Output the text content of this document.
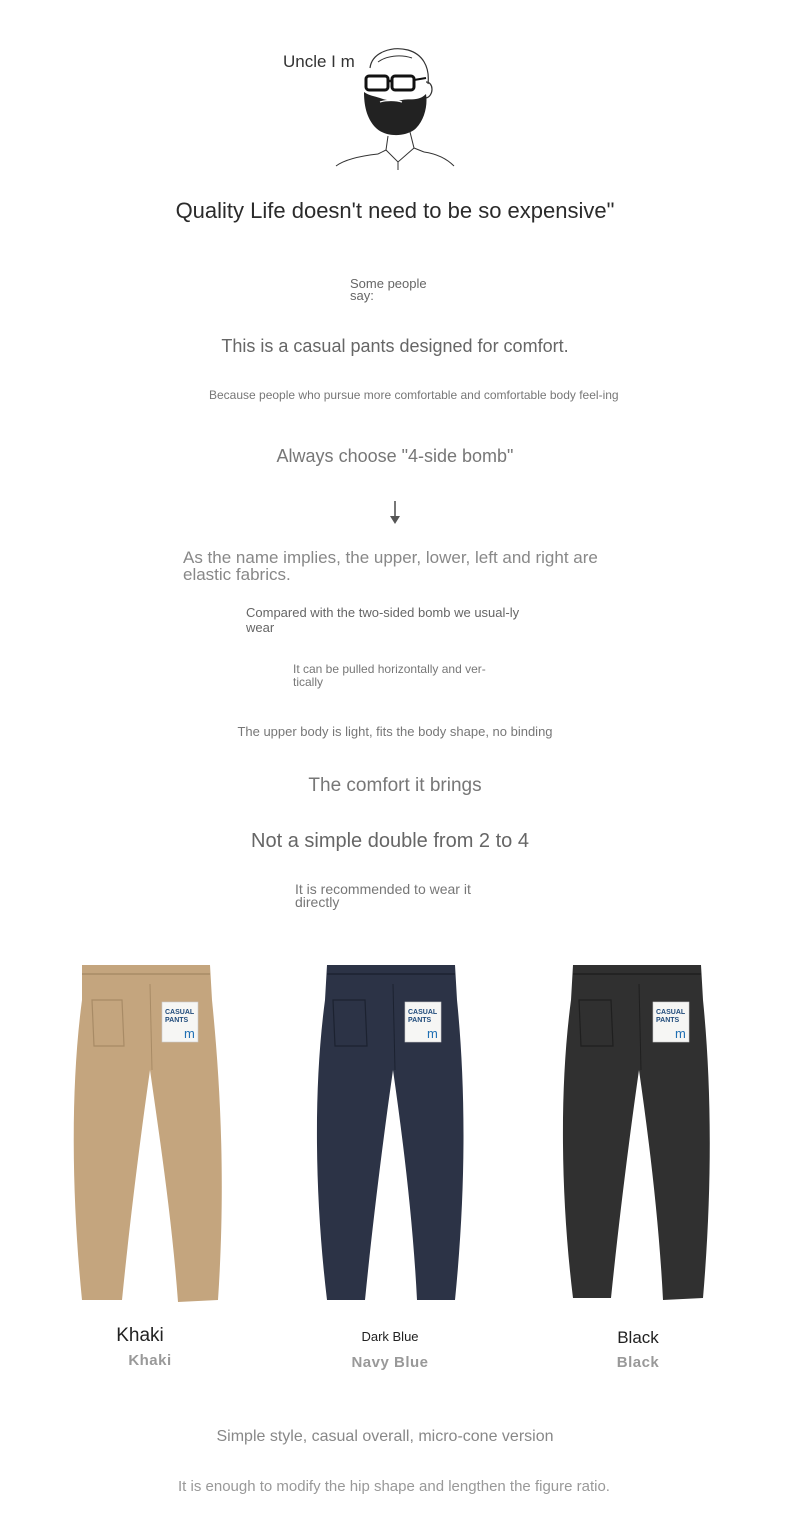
Uncle I m
Quality Life doesn't need to be so expensive"
Some people say:
This is a casual pants designed for comfort.
Because people who pursue more comfortable and comfortable body feel-ing
Always choose "4-side bomb"
As the name implies, the upper, lower, left and right are elastic fabrics.
Compared with the two-sided bomb we usual-ly wear
It can be pulled horizontally and ver-tically
The upper body is light, fits the body shape, no binding
The comfort it brings
Not a simple double from 2 to 4
It is recommended to wear it directly
CASUAL
PANTS
m
Khaki
Khaki
CASUAL
PANTS
m
Dark Blue
Navy Blue
CASUAL
PANTS
m
Black
Black
Simple style, casual overall, micro-cone version
It is enough to modify the hip shape and lengthen the figure ratio.
